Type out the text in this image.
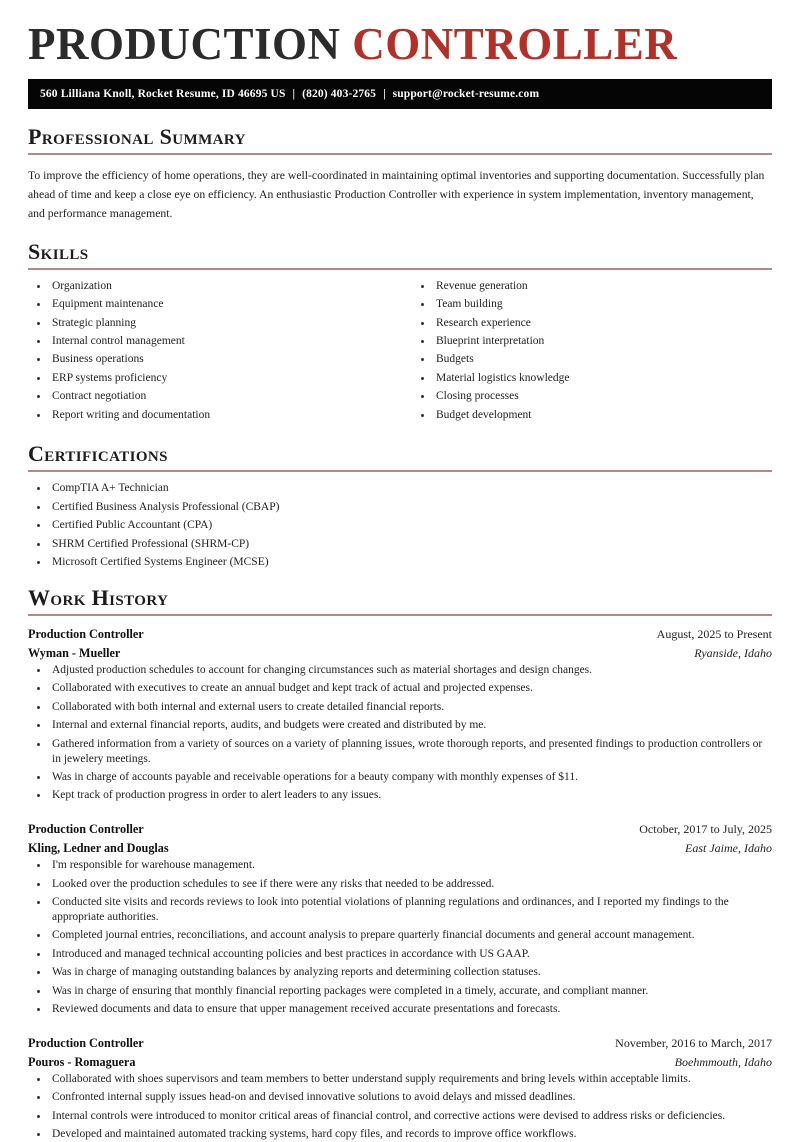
PRODUCTION CONTROLLER
560 Lilliana Knoll, Rocket Resume, ID 46695 US | (820) 403-2765 | support@rocket-resume.com
Professional Summary

To improve the efficiency of home operations, they are well-coordinated in maintaining optimal inventories and supporting documentation. Successfully plan ahead of time and keep a close eye on efficiency. An enthusiastic Production Controller with experience in system implementation, inventory management, and performance management.

Skills
Organization
Equipment maintenance
Strategic planning
Internal control management
Business operations
ERP systems proficiency
Contract negotiation
Report writing and documentation
Revenue generation
Team building
Research experience
Blueprint interpretation
Budgets
Material logistics knowledge
Closing processes
Budget development
Certifications
CompTIA A+ Technician
Certified Business Analysis Professional (CBAP)
Certified Public Accountant (CPA)
SHRM Certified Professional (SHRM-CP)
Microsoft Certified Systems Engineer (MCSE)
Work History
Production Controller	August, 2025 to Present
Wyman - Mueller	Ryanside, Idaho
Adjusted production schedules to account for changing circumstances such as material shortages and design changes.
Collaborated with executives to create an annual budget and kept track of actual and projected expenses.
Collaborated with both internal and external users to create detailed financial reports.
Internal and external financial reports, audits, and budgets were created and distributed by me.
Gathered information from a variety of sources on a variety of planning issues, wrote thorough reports, and presented findings to production controllers or in jewelery meetings.
Was in charge of accounts payable and receivable operations for a beauty company with monthly expenses of $11.
Kept track of production progress in order to alert leaders to any issues.
Production Controller	October, 2017 to July, 2025
Kling, Ledner and Douglas	East Jaime, Idaho
I'm responsible for warehouse management.
Looked over the production schedules to see if there were any risks that needed to be addressed.
Conducted site visits and records reviews to look into potential violations of planning regulations and ordinances, and I reported my findings to the appropriate authorities.
Completed journal entries, reconciliations, and account analysis to prepare quarterly financial documents and general account management.
Introduced and managed technical accounting policies and best practices in accordance with US GAAP.
Was in charge of managing outstanding balances by analyzing reports and determining collection statuses.
Was in charge of ensuring that monthly financial reporting packages were completed in a timely, accurate, and compliant manner.
Reviewed documents and data to ensure that upper management received accurate presentations and forecasts.
Production Controller	November, 2016 to March, 2017
Pouros - Romaguera	Boehmmouth, Idaho
Collaborated with shoes supervisors and team members to better understand supply requirements and bring levels within acceptable limits.
Confronted internal supply issues head-on and devised innovative solutions to avoid delays and missed deadlines.
Internal controls were introduced to monitor critical areas of financial control, and corrective actions were devised to address risks or deficiencies.
Developed and maintained automated tracking systems, hard copy files, and records to improve office workflows.
